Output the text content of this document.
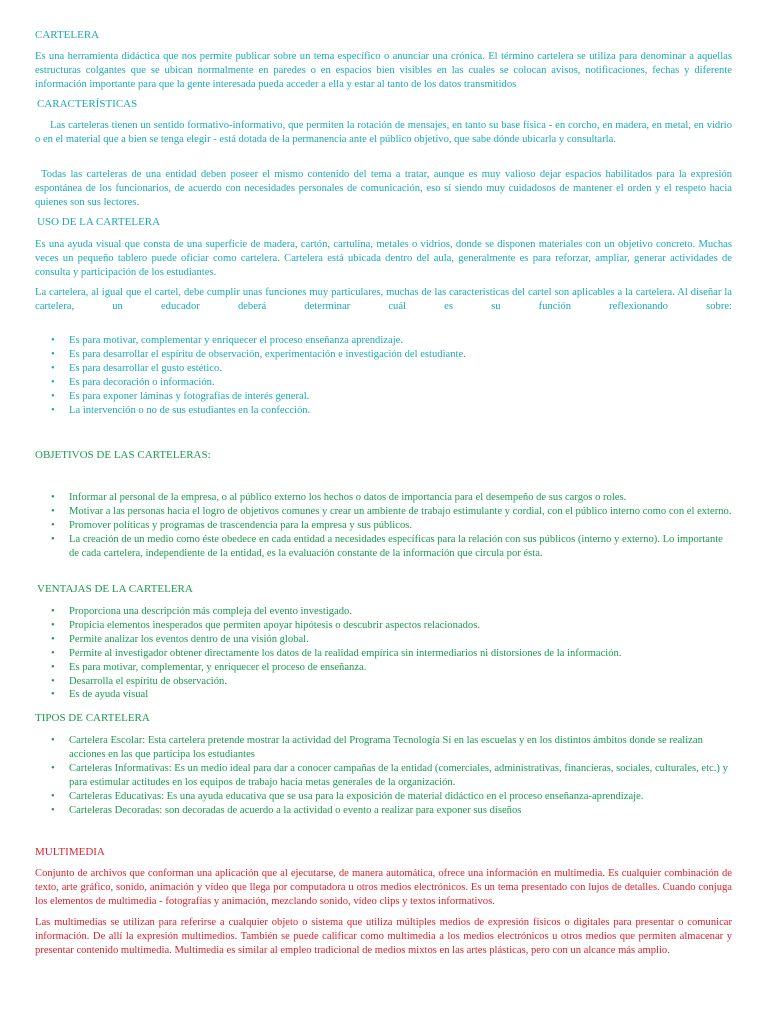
CARTELERA
Es una herramienta didáctica que nos permite publicar sobre un tema específico o anunciar una crónica. El término cartelera se utiliza para denominar a aquellas estructuras colgantes que se ubican normalmente en paredes o en espacios bien visibles en las cuales se colocan avisos, notificaciones, fechas y diferente información importante para que la gente interesada pueda acceder a ella y estar al tanto de los datos transmitidos
CARACTERÍSTICAS
Las carteleras tienen un sentido formativo-informativo, que permiten la rotación de mensajes, en tanto su base física - en corcho, en madera, en metal, en vidrio o en el material que a bien se tenga elegir - está dotada de la permanencia ante el público objetivo, que sabe dónde ubicarla y consultarla.
Todas las carteleras de una entidad deben poseer el mismo contenido del tema a tratar, aunque es muy valioso dejar espacios habilitados para la expresión espontánea de los funcionarios, de acuerdo con necesidades personales de comunicación, eso sí siendo muy cuidadosos de mantener el orden y el respeto hacia quienes son sus lectores.
USO DE LA CARTELERA
Es una ayuda visual que consta de una superficie de madera, cartón, cartulina, metales o vidrios, donde se disponen materiales con un objetivo concreto. Muchas veces un pequeño tablero puede oficiar como cartelera. Cartelera está ubicada dentro del aula, generalmente es para reforzar, ampliar, generar actividades de consulta y participación de los estudiantes.
La cartelera, al igual que el cartel, debe cumplir unas funciones muy particulares, muchas de las características del cartel son aplicables a la cartelera. Al diseñar la cartelera, un educador deberá determinar cuál es su función reflexionando sobre:
• Es para motivar, complementar y enriquecer el proceso enseñanza aprendizaje.
• Es para desarrollar el espíritu de observación, experimentación e investigación del estudiante.
• Es para desarrollar el gusto estético.
• Es para decoración o información.
• Es para exponer láminas y fotografías de interés general.
• La intervención o no de sus estudiantes en la confección.
OBJETIVOS DE LAS CARTELERAS:
• Informar al personal de la empresa, o al público externo los hechos o datos de importancia para el desempeño de sus cargos o roles.
• Motivar a las personas hacia el logro de objetivos comunes y crear un ambiente de trabajo estimulante y cordial, con el público interno como con el externo.
• Promover políticas y programas de trascendencia para la empresa y sus públicos.
• La creación de un medio como éste obedece en cada entidad a necesidades específicas para la relación con sus públicos (interno y externo). Lo importante de cada cartelera, independiente de la entidad, es la evaluación constante de la información que circula por ésta.
VENTAJAS DE LA CARTELERA
• Proporciona una descripción más compleja del evento investigado.
• Propicia elementos inesperados que permiten apoyar hipótesis o descubrir aspectos relacionados.
• Permite analizar los eventos dentro de una visión global.
• Permite al investigador obtener directamente los datos de la realidad empírica sin intermediarios ni distorsiones de la información.
• Es para motivar, complementar, y enriquecer el proceso de enseñanza.
• Desarrolla el espíritu de observación.
• Es de ayuda visual
TIPOS DE CARTELERA
• Cartelera Escolar: Esta cartelera pretende mostrar la actividad del Programa Tecnología Sí en las escuelas y en los distintos ámbitos donde se realizan acciones en las que participa los estudiantes
• Carteleras Informativas: Es un medio ideal para dar a conocer campañas de la entidad (comerciales, administrativas, financieras, sociales, culturales, etc.) y para estimular actitudes en los equipos de trabajo hacia metas generales de la organización.
• Carteleras Educativas: Es una ayuda educativa que se usa para la exposición de material didáctico en el proceso enseñanza-aprendizaje.
• Carteleras Decoradas: son decoradas de acuerdo a la actividad o evento a realizar para exponer sus diseños
MULTIMEDIA
Conjunto de archivos que conforman una aplicación que al ejecutarse, de manera automática, ofrece una información en multimedia. Es cualquier combinación de texto, arte gráfico, sonido, animación y vídeo que llega por computadora u otros medios electrónicos. Es un tema presentado con lujos de detalles. Cuando conjuga los elementos de multimedia - fotografías y animación, mezclando sonido, vídeo clips y textos informativos.
Las multimedias se utilizan para referirse a cualquier objeto o sistema que utiliza múltiples medios de expresión físicos o digitales para presentar o comunicar información. De allí la expresión multimedios. También se puede calificar como multimedia a los medios electrónicos u otros medios que permiten almacenar y presentar contenido multimedia. Multimedia es similar al empleo tradicional de medios mixtos en las artes plásticas, pero con un alcance más amplio.
